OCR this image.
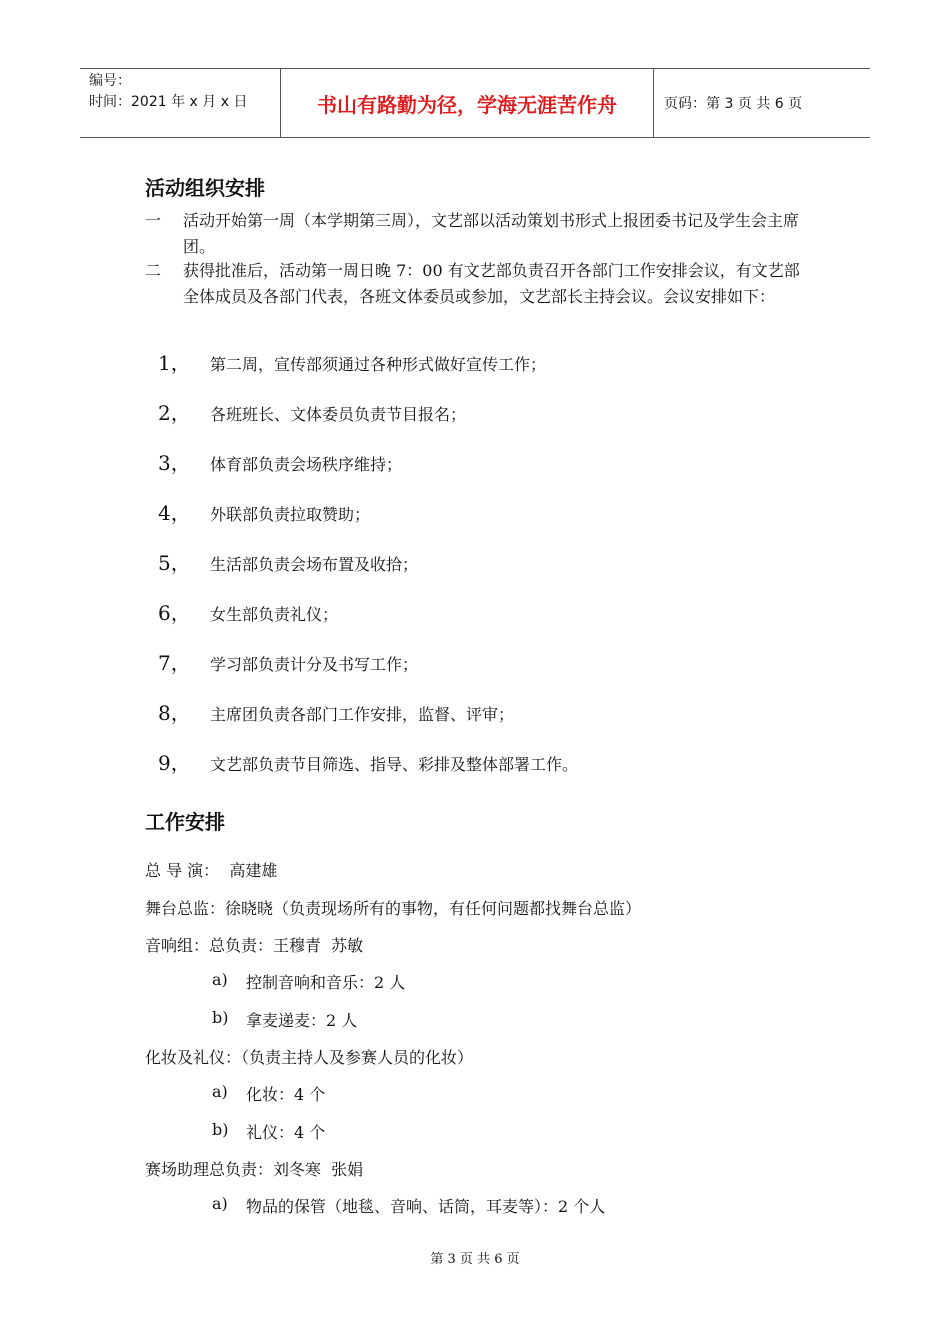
编号：
时间：2021 年 x 月 x 日	书山有路勤为径，学海无涯苦作舟	页码：第 3 页 共 6 页
活动组织安排
一	活动开始第一周（本学期第三周），文艺部以活动策划书形式上报团委书记及学生会主席团。
二	获得批准后，活动第一周日晚 7：00 有文艺部负责召开各部门工作安排会议，有文艺部全体成员及各部门代表，各班文体委员或参加，文艺部长主持会议。会议安排如下：
1，	第二周，宣传部须通过各种形式做好宣传工作；
2，	各班班长、文体委员负责节目报名；
3，	体育部负责会场秩序维持；
4，	外联部负责拉取赞助；
5，	生活部负责会场布置及收拾；
6，	女生部负责礼仪；
7，	学习部负责计分及书写工作；
8，	主席团负责各部门工作安排，监督、评审；
9，	文艺部负责节目筛选、指导、彩排及整体部署工作。
工作安排
总 导 演：  高建雄
舞台总监：徐晓晓（负责现场所有的事物，有任何问题都找舞台总监）
音响组：总负责：王穆青  苏敏
a)	控制音响和音乐：2 人
b)	拿麦递麦：2 人
化妆及礼仪：（负责主持人及参赛人员的化妆）
a)	化妆：4 个
b)	礼仪：4 个
赛场助理总负责：刘冬寒  张娟
a)	物品的保管（地毯、音响、话筒，耳麦等）：2 个人
第 3 页 共 6 页
